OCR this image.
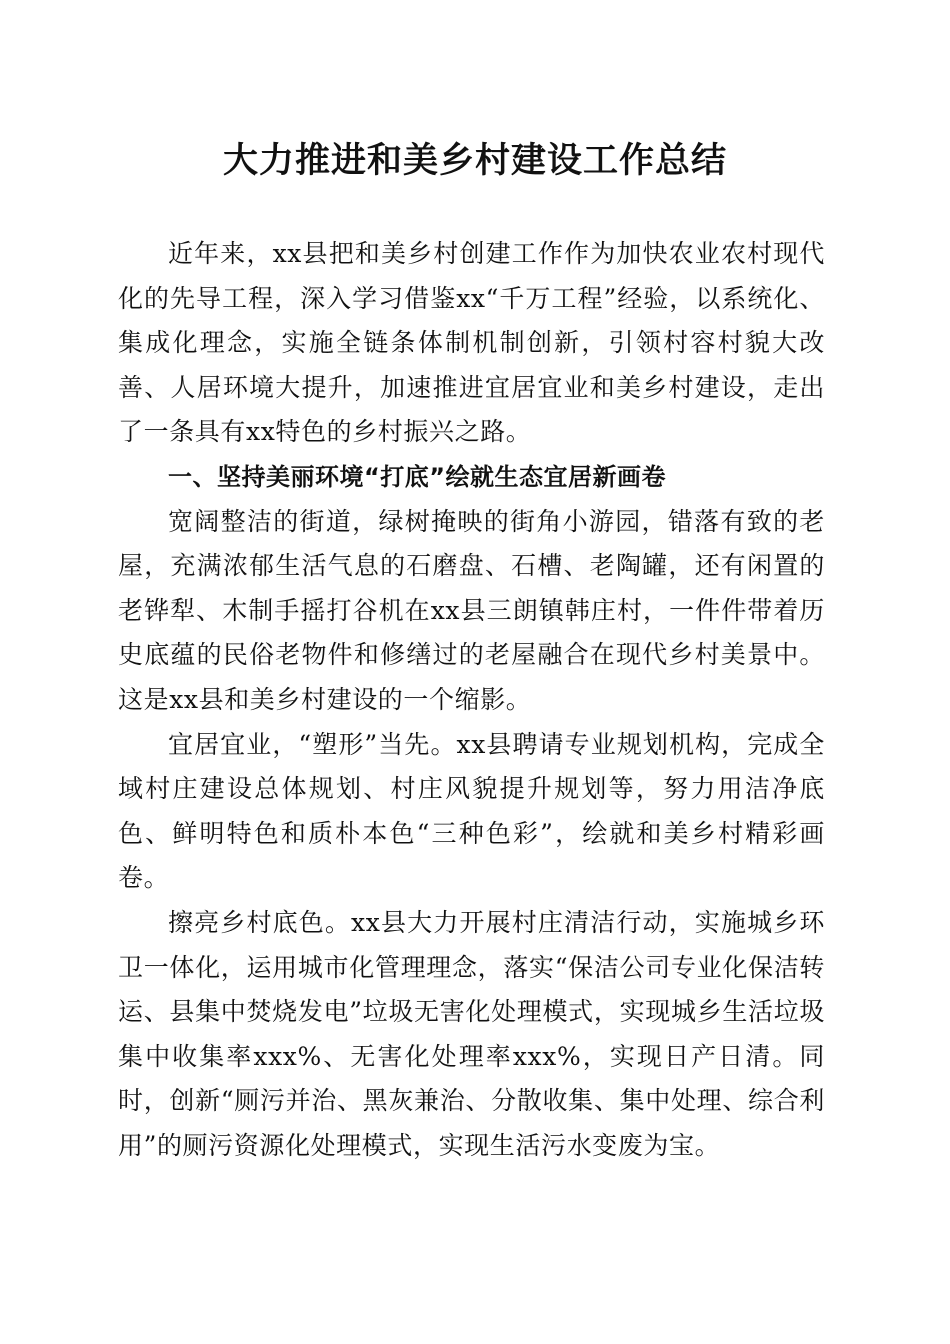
大力推进和美乡村建设工作总结

近年来，xx县把和美乡村创建工作作为加快农业农村现代化的先导工程，深入学习借鉴xx“千万工程”经验，以系统化、集成化理念，实施全链条体制机制创新，引领村容村貌大改善、人居环境大提升，加速推进宜居宜业和美乡村建设，走出了一条具有xx特色的乡村振兴之路。

一、坚持美丽环境“打底”绘就生态宜居新画卷

宽阔整洁的街道，绿树掩映的街角小游园，错落有致的老屋，充满浓郁生活气息的石磨盘、石槽、老陶罐，还有闲置的老铧犁、木制手摇打谷机在xx县三朗镇韩庄村，一件件带着历史底蕴的民俗老物件和修缮过的老屋融合在现代乡村美景中。这是xx县和美乡村建设的一个缩影。

宜居宜业，“塑形”当先。xx县聘请专业规划机构，完成全域村庄建设总体规划、村庄风貌提升规划等，努力用洁净底色、鲜明特色和质朴本色“三种色彩”，绘就和美乡村精彩画卷。

擦亮乡村底色。xx县大力开展村庄清洁行动，实施城乡环卫一体化，运用城市化管理理念，落实“保洁公司专业化保洁转运、县集中焚烧发电”垃圾无害化处理模式，实现城乡生活垃圾集中收集率xxx%、无害化处理率xxx%，实现日产日清。同时，创新“厕污并治、黑灰兼治、分散收集、集中处理、综合利用”的厕污资源化处理模式，实现生活污水变废为宝。
